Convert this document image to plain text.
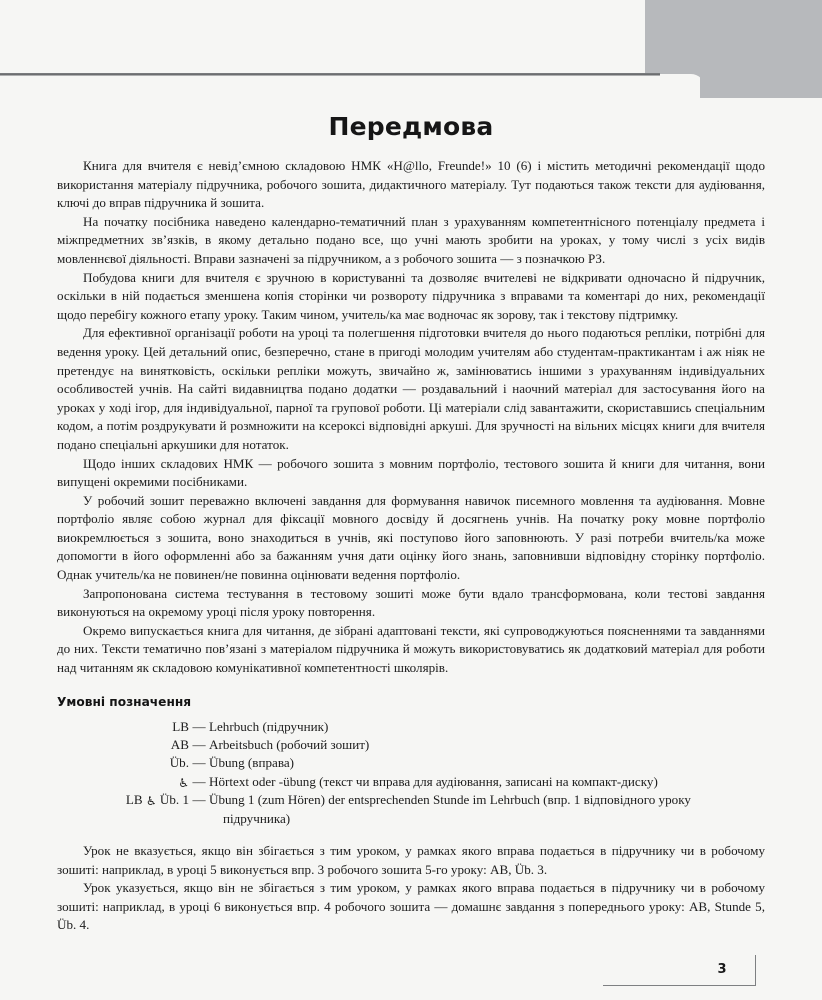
Передмова

Книга для вчителя є невід’ємною складовою НМК «H@llo, Freunde!» 10 (6) і містить методичні рекомендації щодо використання матеріалу підручника, робочого зошита, дидактичного матеріалу. Тут подаються також тексти для аудіювання, ключі до вправ підручника й зошита.

На початку посібника наведено календарно-тематичний план з урахуванням компетентнісного потенціалу предмета і міжпредметних зв’язків, в якому детально подано все, що учні мають зробити на уроках, у тому числі з усіх видів мовленнєвої діяльності. Вправи зазначені за підручником, а з робочого зошита — з позначкою РЗ.

Побудова книги для вчителя є зручною в користуванні та дозволяє вчителеві не відкривати одночасно й підручник, оскільки в ній подається зменшена копія сторінки чи розвороту підручника з вправами та коментарі до них, рекомендації щодо перебігу кожного етапу уроку. Таким чином, учитель/ка має водночас як зорову, так і текстову підтримку.

Для ефективної організації роботи на уроці та полегшення підготовки вчителя до нього подаються репліки, потрібні для ведення уроку. Цей детальний опис, безперечно, стане в пригоді молодим учителям або студентам-практикантам і аж ніяк не претендує на винятковість, оскільки репліки можуть, звичайно ж, замінюватись іншими з урахуванням індивідуальних особливостей учнів. На сайті видавництва подано додатки — роздавальний і наочний матеріал для застосування його на уроках у ході ігор, для індивідуальної, парної та групової роботи. Ці матеріали слід завантажити, скориставшись спеціальним кодом, а потім роздрукувати й розмножити на ксероксі відповідні аркуші. Для зручності на вільних місцях книги для вчителя подано спеціальні аркушики для нотаток.

Щодо інших складових НМК — робочого зошита з мовним портфоліо, тестового зошита й книги для читання, вони випущені окремими посібниками.

У робочий зошит переважно включені завдання для формування навичок писемного мовлення та аудіювання. Мовне портфоліо являє собою журнал для фіксації мовного досвіду й досягнень учнів. На початку року мовне портфоліо виокремлюється з зошита, воно знаходиться в учнів, які поступово його заповнюють. У разі потреби вчитель/ка може допомогти в його оформленні або за бажанням учня дати оцінку його знань, заповнивши відповідну сторінку портфоліо. Однак учитель/ка не повинен/не повинна оцінювати ведення портфоліо.

Запропонована система тестування в тестовому зошиті може бути вдало трансформована, коли тестові завдання виконуються на окремому уроці після уроку повторення.

Окремо випускається книга для читання, де зібрані адаптовані тексти, які супроводжуються поясненнями та завданнями до них. Тексти тематично пов’язані з матеріалом підручника й можуть використовуватись як додатковий матеріал для роботи над читанням як складовою комунікативної компетентності школярів.

Умовні позначення
LB	—	Lehrbuch (підручник)
AB	—	Arbeitsbuch (робочий зошит)
Üb.	—	Übung (вправа)
♿	—	Hörtext oder -übung (текст чи вправа для аудіювання, записані на компакт-диску)
LB ♿ Üb. 1	—	Übung 1 (zum Hören) der entsprechenden Stunde im Lehrbuch (впр. 1 відповідного уроку
підручника)

Урок не вказується, якщо він збігається з тим уроком, у рамках якого вправа подається в підручнику чи в робочому зошиті: наприклад, в уроці 5 виконується впр. 3 робочого зошита 5-го уроку: AB, Üb. 3.

Урок указується, якщо він не збігається з тим уроком, у рамках якого вправа подається в підручнику чи в робочому зошиті: наприклад, в уроці 6 виконується впр. 4 робочого зошита — домашнє завдання з попереднього уроку: AB, Stunde 5, Üb. 4.

3
